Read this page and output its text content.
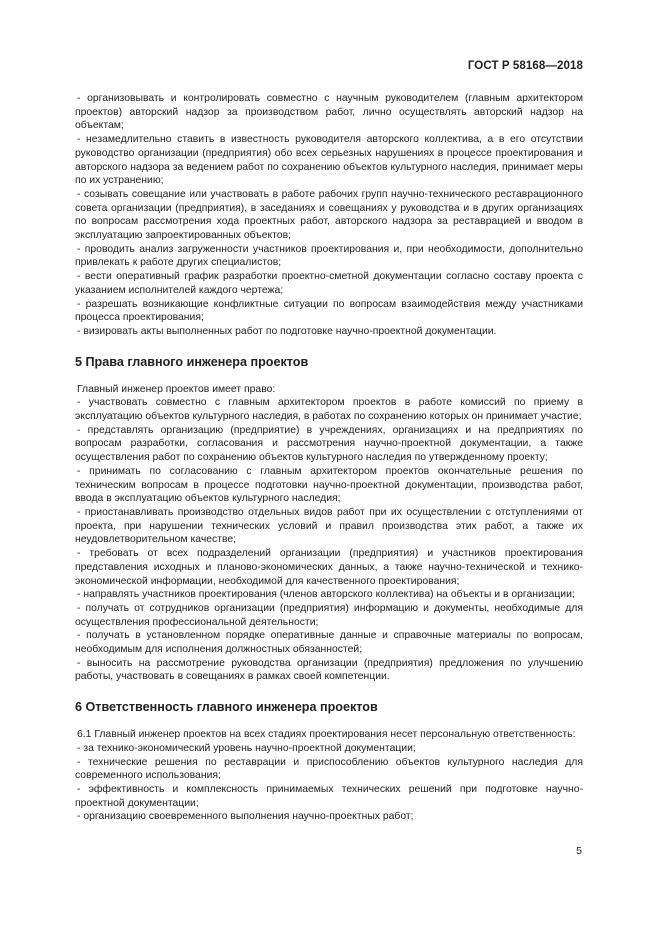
ГОСТ Р 58168—2018

- организовывать и контролировать совместно с научным руководителем (главным архитектором проектов) авторский надзор за производством работ, лично осуществлять авторский надзор на объектам;

- незамедлительно ставить в известность руководителя авторского коллектива, а в его отсутствии руководство организации (предприятия) обо всех серьезных нарушениях в процессе проектирования и авторского надзора за ведением работ по сохранению объектов культурного наследия, принимает меры по их устранению;

- созывать совещание или участвовать в работе рабочих групп научно-технического реставрационного совета организации (предприятия), в заседаниях и совещаниях у руководства и в других организациях по вопросам рассмотрения хода проектных работ, авторского надзора за реставрацией и вводом в эксплуатацию запроектированных объектов;

- проводить анализ загруженности участников проектирования и, при необходимости, дополнительно привлекать к работе других специалистов;

- вести оперативный график разработки проектно-сметной документации согласно составу проекта с указанием исполнителей каждого чертежа;

- разрешать возникающие конфликтные ситуации по вопросам взаимодействия между участниками процесса проектирования;

- визировать акты выполненных работ по подготовке научно-проектной документации.

5 Права главного инженера проектов

Главный инженер проектов имеет право:

- участвовать совместно с главным архитектором проектов в работе комиссий по приему в эксплуатацию объектов культурного наследия, в работах по сохранению которых он принимает участие;

- представлять организацию (предприятие) в учреждениях, организациях и на предприятиях по вопросам разработки, согласования и рассмотрения научно-проектной документации, а также осуществления работ по сохранению объектов культурного наследия по утвержденному проекту;

- принимать по согласованию с главным архитектором проектов окончательные решения по техническим вопросам в процессе подготовки научно-проектной документации, производства работ, ввода в эксплуатацию объектов культурного наследия;

- приостанавливать производство отдельных видов работ при их осуществлении с отступлениями от проекта, при нарушении технических условий и правил производства этих работ, а также их неудовлетворительном качестве;

- требовать от всех подразделений организации (предприятия) и участников проектирования представления исходных и планово-экономических данных, а также научно-технической и технико-экономической информации, необходимой для качественного проектирования;

- направлять участников проектирования (членов авторского коллектива) на объекты и в организации;

- получать от сотрудников организации (предприятия) информацию и документы, необходимые для осуществления профессиональной деятельности;

- получать в установленном порядке оперативные данные и справочные материалы по вопросам, необходимым для исполнения должностных обязанностей;

- выносить на рассмотрение руководства организации (предприятия) предложения по улучшению работы, участвовать в совещаниях в рамках своей компетенции.

6 Ответственность главного инженера проектов

6.1 Главный инженер проектов на всех стадиях проектирования несет персональную ответственность:

- за технико-экономический уровень научно-проектной документации;

- технические решения по реставрации и приспособлению объектов культурного наследия для современного использования;

- эффективность и комплексность принимаемых технических решений при подготовке научно-проектной документации;

- организацию своевременного выполнения научно-проектных работ;

5
